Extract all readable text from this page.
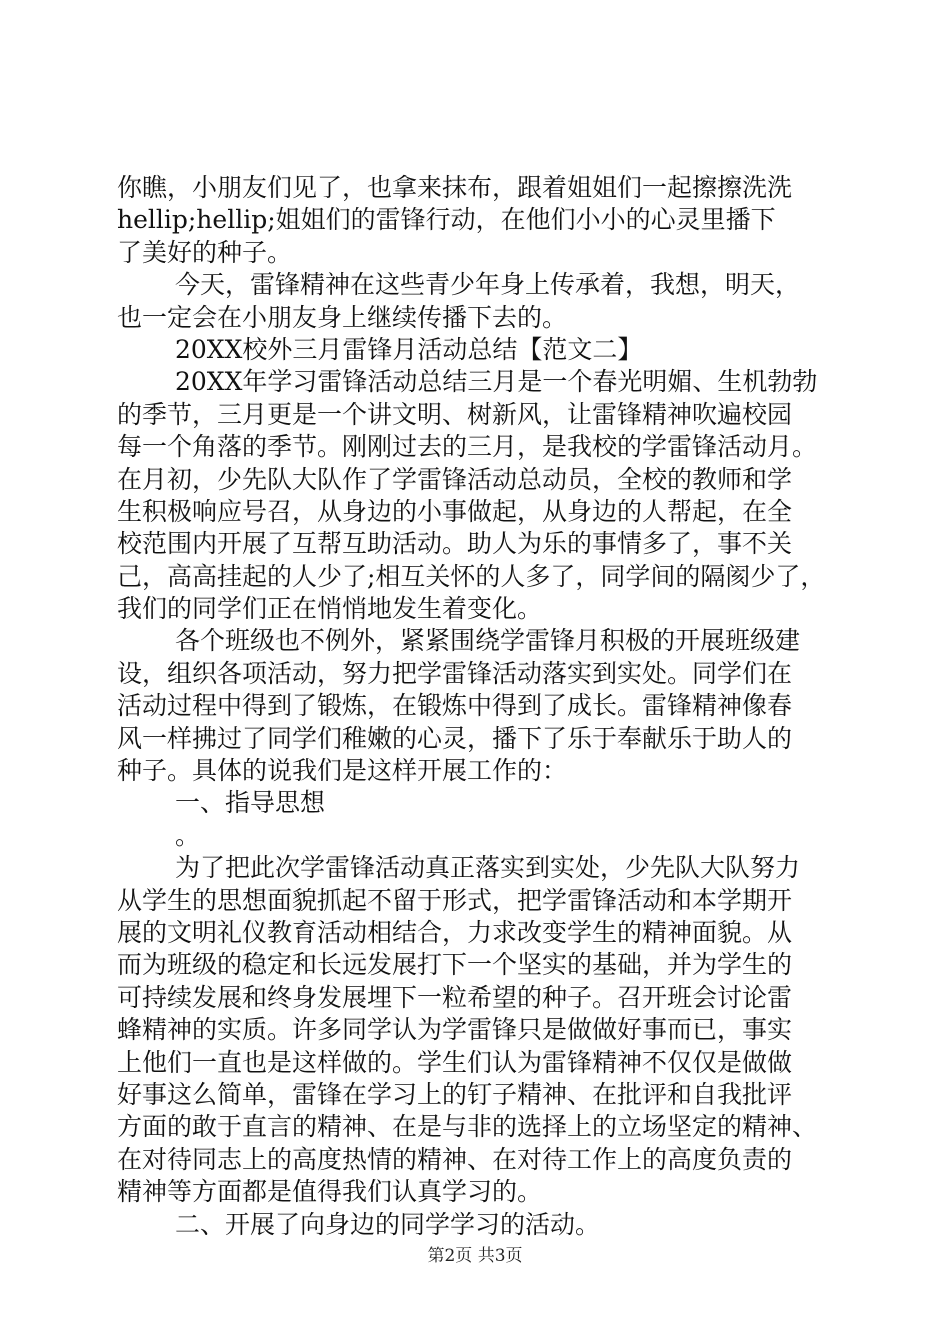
你瞧，小朋友们见了，也拿来抹布，跟着姐姐们一起擦擦洗洗
hellip;hellip;姐姐们的雷锋行动，在他们小小的心灵里播下
了美好的种子。
今天，雷锋精神在这些青少年身上传承着，我想，明天，
也一定会在小朋友身上继续传播下去的。
20XX校外三月雷锋月活动总结【范文二】
20XX年学习雷锋活动总结三月是一个春光明媚、生机勃勃
的季节，三月更是一个讲文明、树新风，让雷锋精神吹遍校园
每一个角落的季节。刚刚过去的三月，是我校的学雷锋活动月。
在月初，少先队大队作了学雷锋活动总动员，全校的教师和学
生积极响应号召，从身边的小事做起，从身边的人帮起，在全
校范围内开展了互帮互助活动。助人为乐的事情多了，事不关
己，高高挂起的人少了;相互关怀的人多了，同学间的隔阂少了，
我们的同学们正在悄悄地发生着变化。
各个班级也不例外，紧紧围绕学雷锋月积极的开展班级建
设，组织各项活动，努力把学雷锋活动落实到实处。同学们在
活动过程中得到了锻炼，在锻炼中得到了成长。雷锋精神像春
风一样拂过了同学们稚嫩的心灵，播下了乐于奉献乐于助人的
种子。具体的说我们是这样开展工作的：
一、指导思想
。
为了把此次学雷锋活动真正落实到实处，少先队大队努力
从学生的思想面貌抓起不留于形式，把学雷锋活动和本学期开
展的文明礼仪教育活动相结合，力求改变学生的精神面貌。从
而为班级的稳定和长远发展打下一个坚实的基础，并为学生的
可持续发展和终身发展埋下一粒希望的种子。召开班会讨论雷
蜂精神的实质。许多同学认为学雷锋只是做做好事而已，事实
上他们一直也是这样做的。学生们认为雷锋精神不仅仅是做做
好事这么简单，雷锋在学习上的钉子精神、在批评和自我批评
方面的敢于直言的精神、在是与非的选择上的立场坚定的精神、
在对待同志上的高度热情的精神、在对待工作上的高度负责的
精神等方面都是值得我们认真学习的。
二、开展了向身边的同学学习的活动。
第2页 共3页
